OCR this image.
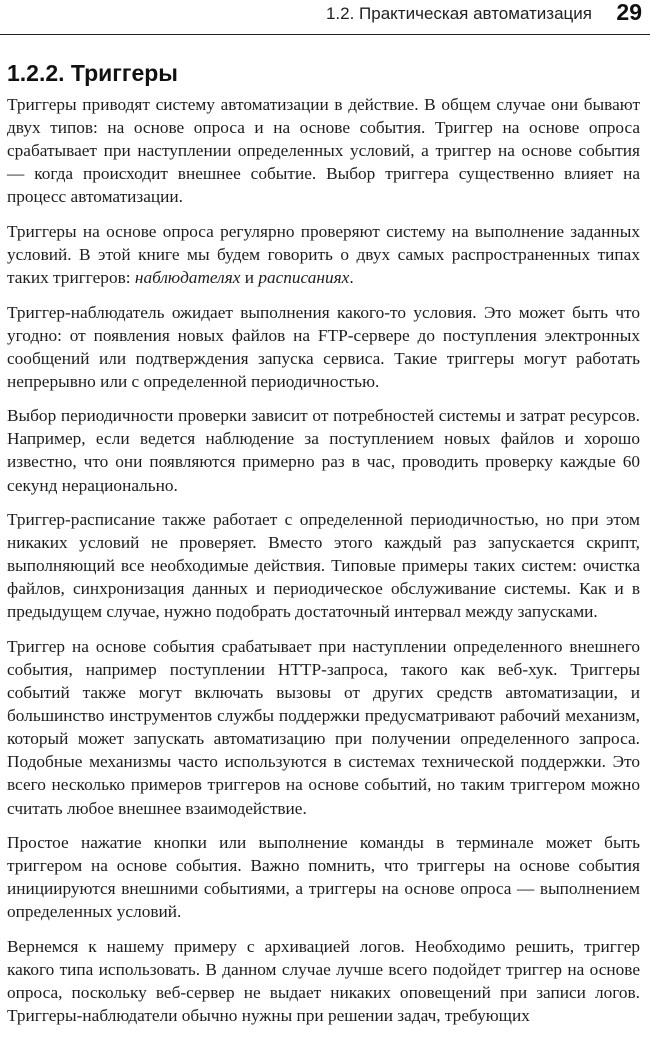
1.2. Практическая автоматизация 29
1.2.2. Триггеры

Триггеры приводят систему автоматизации в действие. В общем случае они бывают двух типов: на основе опроса и на основе события. Триггер на основе опроса срабатывает при наступлении определенных условий, а триггер на основе события — когда происходит внешнее событие. Выбор триггера существенно влияет на процесс автоматизации.

Триггеры на основе опроса регулярно проверяют систему на выполнение заданных условий. В этой книге мы будем говорить о двух самых распространенных типах таких триггеров: наблюдателях и расписаниях.

Триггер-наблюдатель ожидает выполнения какого-то условия. Это может быть что угодно: от появления новых файлов на FTP-сервере до поступления электронных сообщений или подтверждения запуска сервиса. Такие триггеры могут работать непрерывно или с определенной периодичностью.

Выбор периодичности проверки зависит от потребностей системы и затрат ресурсов. Например, если ведется наблюдение за поступлением новых файлов и хорошо известно, что они появляются примерно раз в час, проводить проверку каждые 60 секунд нерационально.

Триггер-расписание также работает с определенной периодичностью, но при этом никаких условий не проверяет. Вместо этого каждый раз запускается скрипт, выполняющий все необходимые действия. Типовые примеры таких систем: очистка файлов, синхронизация данных и периодическое обслуживание системы. Как и в предыдущем случае, нужно подобрать достаточный интервал между запусками.

Триггер на основе события срабатывает при наступлении определенного внешнего события, например поступлении HTTP-запроса, такого как веб-хук. Триггеры событий также могут включать вызовы от других средств автоматизации, и большинство инструментов службы поддержки предусматривают рабочий механизм, который может запускать автоматизацию при получении определенного запроса. Подобные механизмы часто используются в системах технической поддержки. Это всего несколько примеров триггеров на основе событий, но таким триггером можно считать любое внешнее взаимодействие.

Простое нажатие кнопки или выполнение команды в терминале может быть триггером на основе события. Важно помнить, что триггеры на основе события инициируются внешними событиями, а триггеры на основе опроса — выполнением определенных условий.

Вернемся к нашему примеру с архивацией логов. Необходимо решить, триггер какого типа использовать. В данном случае лучше всего подойдет триггер на основе опроса, поскольку веб-сервер не выдает никаких оповещений при записи логов. Триггеры-наблюдатели обычно нужны при решении задач, требующих
